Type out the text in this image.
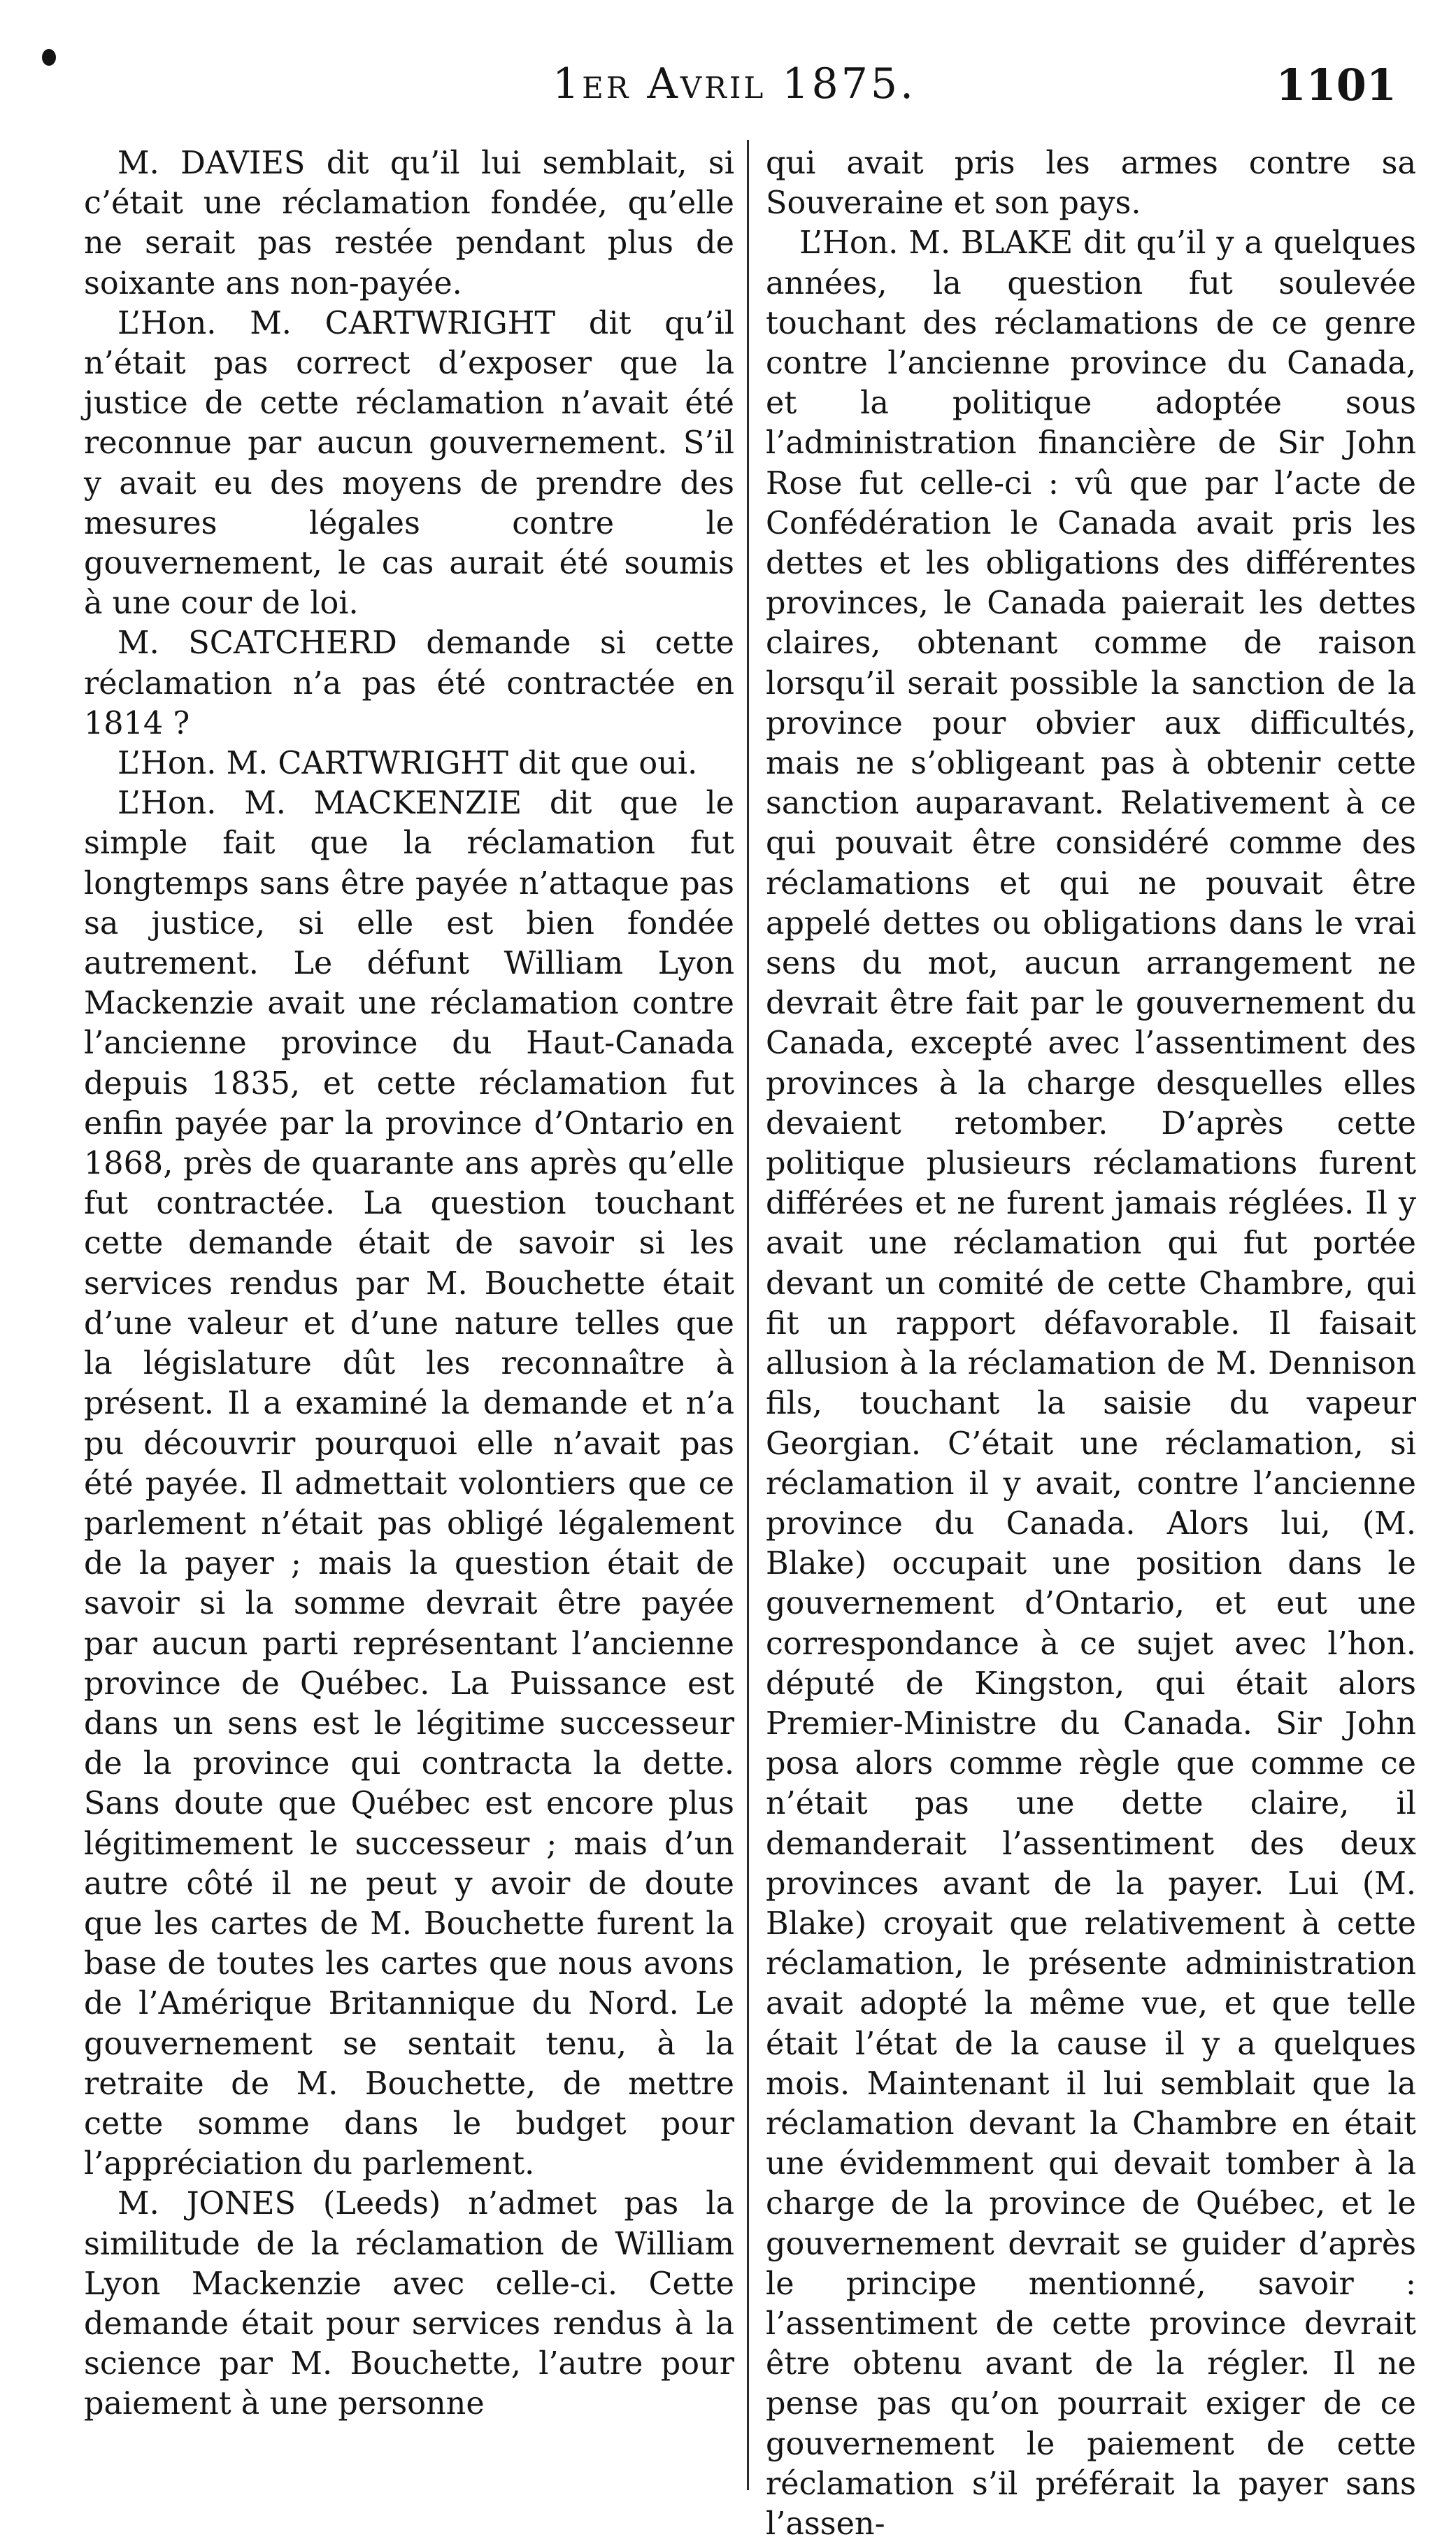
1er Avril 1875.	1101

M. DAVIES dit qu’il lui semblait, si c’était une réclamation fondée, qu’elle ne serait pas restée pendant plus de soixante ans non-payée.

L’Hon. M. CARTWRIGHT dit qu’il n’était pas correct d’exposer que la justice de cette réclamation n’avait été reconnue par aucun gouvernement. S’il y avait eu des moyens de prendre des mesures légales contre le gouvernement, le cas aurait été soumis à une cour de loi.

M. SCATCHERD demande si cette réclamation n’a pas été contractée en 1814 ?

L’Hon. M. CARTWRIGHT dit que oui.

L’Hon. M. MACKENZIE dit que le simple fait que la réclamation fut longtemps sans être payée n’attaque pas sa justice, si elle est bien fondée autrement. Le défunt William Lyon Mackenzie avait une réclamation contre l’ancienne province du Haut-Canada depuis 1835, et cette réclamation fut enfin payée par la province d’Ontario en 1868, près de quarante ans après qu’elle fut contractée. La question touchant cette demande était de savoir si les services rendus par M. Bouchette était d’une valeur et d’une nature telles que la législature dût les reconnaître à présent. Il a examiné la demande et n’a pu découvrir pourquoi elle n’avait pas été payée. Il admettait volontiers que ce parlement n’était pas obligé légalement de la payer ; mais la question était de savoir si la somme devrait être payée par aucun parti représentant l’ancienne province de Québec. La Puissance est dans un sens est le légitime successeur de la province qui contracta la dette. Sans doute que Québec est encore plus légitimement le successeur ; mais d’un autre côté il ne peut y avoir de doute que les cartes de M. Bouchette furent la base de toutes les cartes que nous avons de l’Amérique Britannique du Nord. Le gouvernement se sentait tenu, à la retraite de M. Bouchette, de mettre cette somme dans le budget pour l’appréciation du parlement.

M. JONES (Leeds) n’admet pas la similitude de la réclamation de William Lyon Mackenzie avec celle-ci. Cette demande était pour services rendus à la science par M. Bouchette, l’autre pour paiement à une personne

qui avait pris les armes contre sa Souveraine et son pays.

L’Hon. M. BLAKE dit qu’il y a quelques années, la question fut soulevée touchant des réclamations de ce genre contre l’ancienne province du Canada, et la politique adoptée sous l’administration financière de Sir John Rose fut celle-ci : vû que par l’acte de Confédération le Canada avait pris les dettes et les obligations des différentes provinces, le Canada paierait les dettes claires, obtenant comme de raison lorsqu’il serait possible la sanction de la province pour obvier aux difficultés, mais ne s’obligeant pas à obtenir cette sanction auparavant. Relativement à ce qui pouvait être considéré comme des réclamations et qui ne pouvait être appelé dettes ou obligations dans le vrai sens du mot, aucun arrangement ne devrait être fait par le gouvernement du Canada, excepté avec l’assentiment des provinces à la charge desquelles elles devaient retomber. D’après cette politique plusieurs réclamations furent différées et ne furent jamais réglées. Il y avait une réclamation qui fut portée devant un comité de cette Chambre, qui fit un rapport défavorable. Il faisait allusion à la réclamation de M. Dennison fils, touchant la saisie du vapeur Georgian. C’était une réclamation, si réclamation il y avait, contre l’ancienne province du Canada. Alors lui, (M. Blake) occupait une position dans le gouvernement d’Ontario, et eut une correspondance à ce sujet avec l’hon. député de Kingston, qui était alors Premier-Ministre du Canada. Sir John posa alors comme règle que comme ce n’était pas une dette claire, il demanderait l’assentiment des deux provinces avant de la payer. Lui (M. Blake) croyait que relativement à cette réclamation, le présente administration avait adopté la même vue, et que telle était l’état de la cause il y a quelques mois. Maintenant il lui semblait que la réclamation devant la Chambre en était une évidemment qui devait tomber à la charge de la province de Québec, et le gouvernement devrait se guider d’après le principe mentionné, savoir : l’assentiment de cette province devrait être obtenu avant de la régler. Il ne pense pas qu’on pourrait exiger de ce gouvernement le paiement de cette réclamation s’il préférait la payer sans l’assen-
